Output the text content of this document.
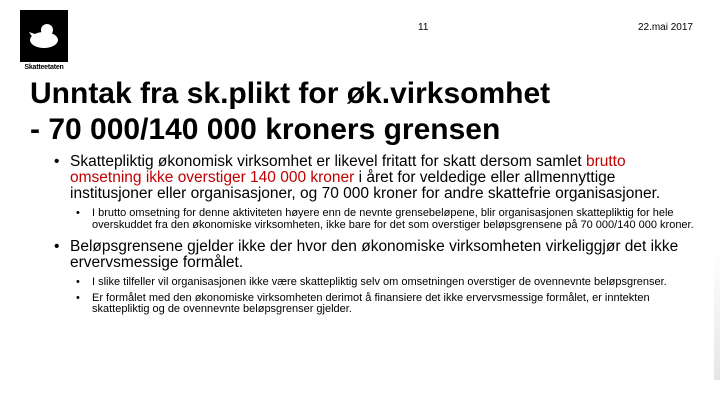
Skatteetaten
11	22.mai 2017
Unntak fra sk.plikt for øk.virksomhet
- 70 000/140 000 kroners grensen

• Skattepliktig økonomisk virksomhet er likevel fritatt for skatt dersom samlet brutto omsetning ikke overstiger 140 000 kroner i året for veldedige eller allmennyttige institusjoner eller organisasjoner, og 70 000 kroner for andre skattefrie organisasjoner.

• I brutto omsetning for denne aktiviteten høyere enn de nevnte grensebeløpene, blir organisasjonen skattepliktig for hele overskuddet fra den økonomiske virksomheten, ikke bare for det som overstiger beløpsgrensene på 70 000/140 000 kroner.

• Beløpsgrensene gjelder ikke der hvor den økonomiske virksomheten virkeliggjør det ikke ervervsmessige formålet.

• I slike tilfeller vil organisasjonen ikke være skattepliktig selv om omsetningen overstiger de ovennevnte beløpsgrenser.
• Er formålet med den økonomiske virksomheten derimot å finansiere det ikke ervervsmessige formålet, er inntekten skattepliktig og de ovennevnte beløpsgrenser gjelder.
